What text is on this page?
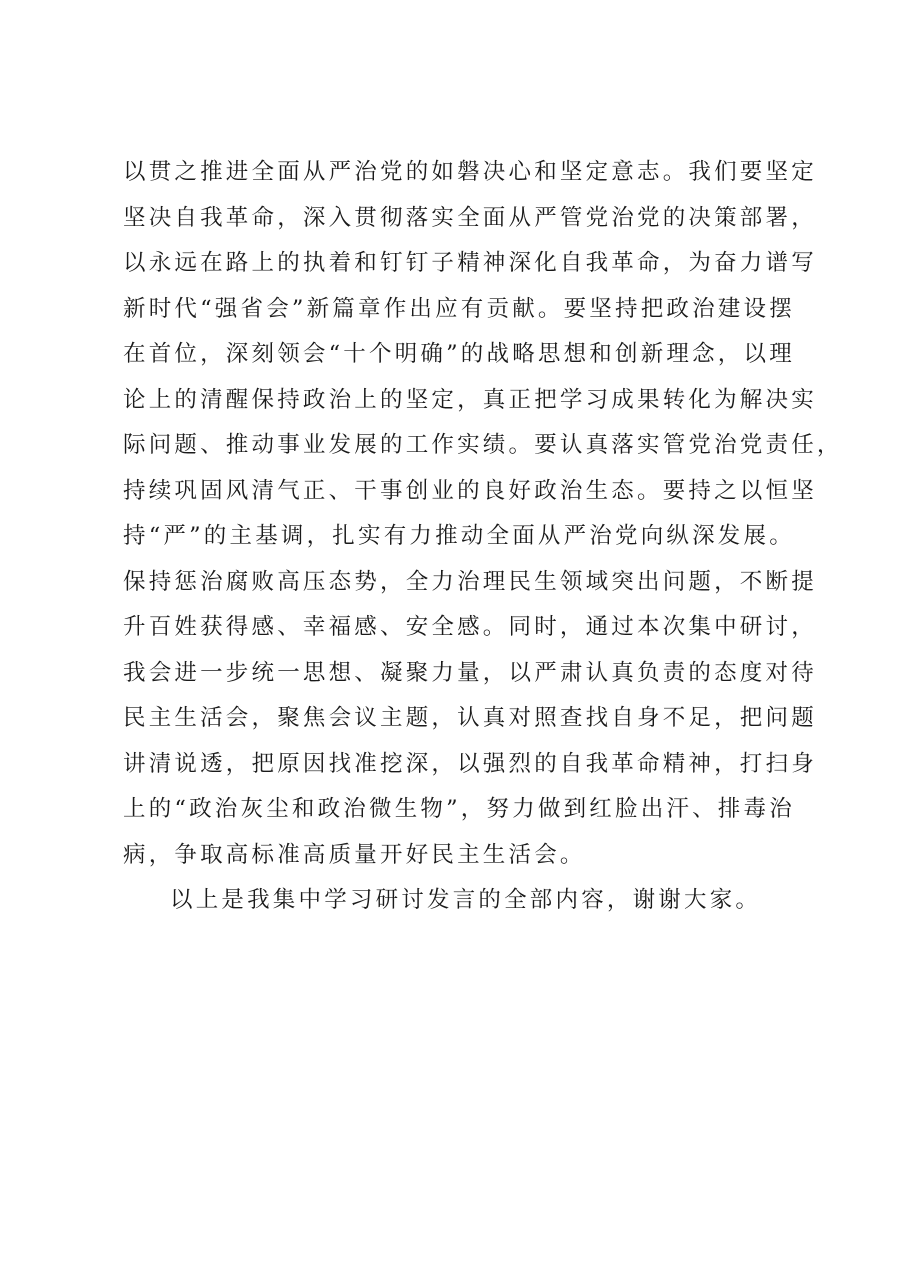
以贯之推进全面从严治党的如磐决心和坚定意志。我们要坚定
坚决自我革命，深入贯彻落实全面从严管党治党的决策部署，
以永远在路上的执着和钉钉子精神深化自我革命，为奋力谱写
新时代“强省会”新篇章作出应有贡献。要坚持把政治建设摆
在首位，深刻领会“十个明确”的战略思想和创新理念，以理
论上的清醒保持政治上的坚定，真正把学习成果转化为解决实
际问题、推动事业发展的工作实绩。要认真落实管党治党责任，
持续巩固风清气正、干事创业的良好政治生态。要持之以恒坚
持“严”的主基调，扎实有力推动全面从严治党向纵深发展。
保持惩治腐败高压态势，全力治理民生领域突出问题，不断提
升百姓获得感、幸福感、安全感。同时，通过本次集中研讨，
我会进一步统一思想、凝聚力量，以严肃认真负责的态度对待
民主生活会，聚焦会议主题，认真对照查找自身不足，把问题
讲清说透，把原因找准挖深，以强烈的自我革命精神，打扫身
上的“政治灰尘和政治微生物”，努力做到红脸出汗、排毒治
病，争取高标准高质量开好民主生活会。
以上是我集中学习研讨发言的全部内容，谢谢大家。
